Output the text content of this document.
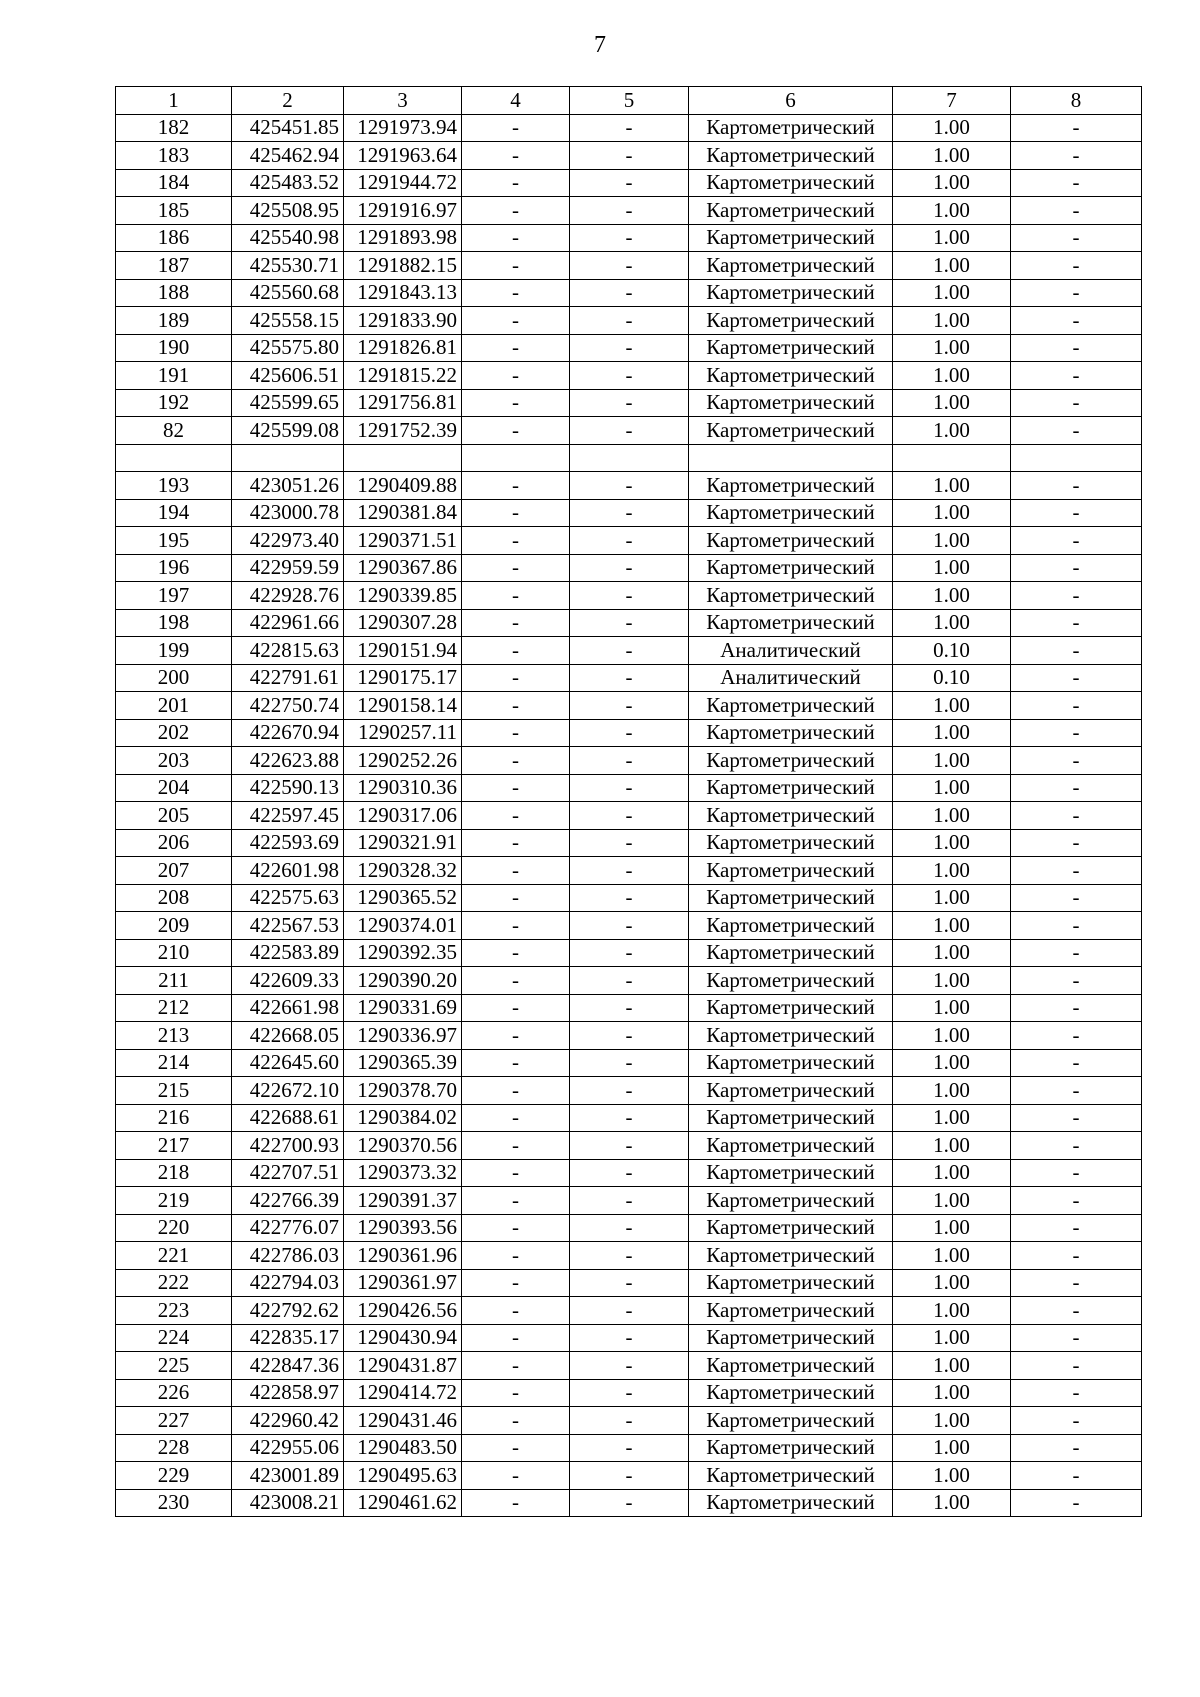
7
1	2	3	4	5	6	7	8
182	425451.85	1291973.94	-	-	Картометрический	1.00	-
183	425462.94	1291963.64	-	-	Картометрический	1.00	-
184	425483.52	1291944.72	-	-	Картометрический	1.00	-
185	425508.95	1291916.97	-	-	Картометрический	1.00	-
186	425540.98	1291893.98	-	-	Картометрический	1.00	-
187	425530.71	1291882.15	-	-	Картометрический	1.00	-
188	425560.68	1291843.13	-	-	Картометрический	1.00	-
189	425558.15	1291833.90	-	-	Картометрический	1.00	-
190	425575.80	1291826.81	-	-	Картометрический	1.00	-
191	425606.51	1291815.22	-	-	Картометрический	1.00	-
192	425599.65	1291756.81	-	-	Картометрический	1.00	-
82	425599.08	1291752.39	-	-	Картометрический	1.00	-

193	423051.26	1290409.88	-	-	Картометрический	1.00	-
194	423000.78	1290381.84	-	-	Картометрический	1.00	-
195	422973.40	1290371.51	-	-	Картометрический	1.00	-
196	422959.59	1290367.86	-	-	Картометрический	1.00	-
197	422928.76	1290339.85	-	-	Картометрический	1.00	-
198	422961.66	1290307.28	-	-	Картометрический	1.00	-
199	422815.63	1290151.94	-	-	Аналитический	0.10	-
200	422791.61	1290175.17	-	-	Аналитический	0.10	-
201	422750.74	1290158.14	-	-	Картометрический	1.00	-
202	422670.94	1290257.11	-	-	Картометрический	1.00	-
203	422623.88	1290252.26	-	-	Картометрический	1.00	-
204	422590.13	1290310.36	-	-	Картометрический	1.00	-
205	422597.45	1290317.06	-	-	Картометрический	1.00	-
206	422593.69	1290321.91	-	-	Картометрический	1.00	-
207	422601.98	1290328.32	-	-	Картометрический	1.00	-
208	422575.63	1290365.52	-	-	Картометрический	1.00	-
209	422567.53	1290374.01	-	-	Картометрический	1.00	-
210	422583.89	1290392.35	-	-	Картометрический	1.00	-
211	422609.33	1290390.20	-	-	Картометрический	1.00	-
212	422661.98	1290331.69	-	-	Картометрический	1.00	-
213	422668.05	1290336.97	-	-	Картометрический	1.00	-
214	422645.60	1290365.39	-	-	Картометрический	1.00	-
215	422672.10	1290378.70	-	-	Картометрический	1.00	-
216	422688.61	1290384.02	-	-	Картометрический	1.00	-
217	422700.93	1290370.56	-	-	Картометрический	1.00	-
218	422707.51	1290373.32	-	-	Картометрический	1.00	-
219	422766.39	1290391.37	-	-	Картометрический	1.00	-
220	422776.07	1290393.56	-	-	Картометрический	1.00	-
221	422786.03	1290361.96	-	-	Картометрический	1.00	-
222	422794.03	1290361.97	-	-	Картометрический	1.00	-
223	422792.62	1290426.56	-	-	Картометрический	1.00	-
224	422835.17	1290430.94	-	-	Картометрический	1.00	-
225	422847.36	1290431.87	-	-	Картометрический	1.00	-
226	422858.97	1290414.72	-	-	Картометрический	1.00	-
227	422960.42	1290431.46	-	-	Картометрический	1.00	-
228	422955.06	1290483.50	-	-	Картометрический	1.00	-
229	423001.89	1290495.63	-	-	Картометрический	1.00	-
230	423008.21	1290461.62	-	-	Картометрический	1.00	-
